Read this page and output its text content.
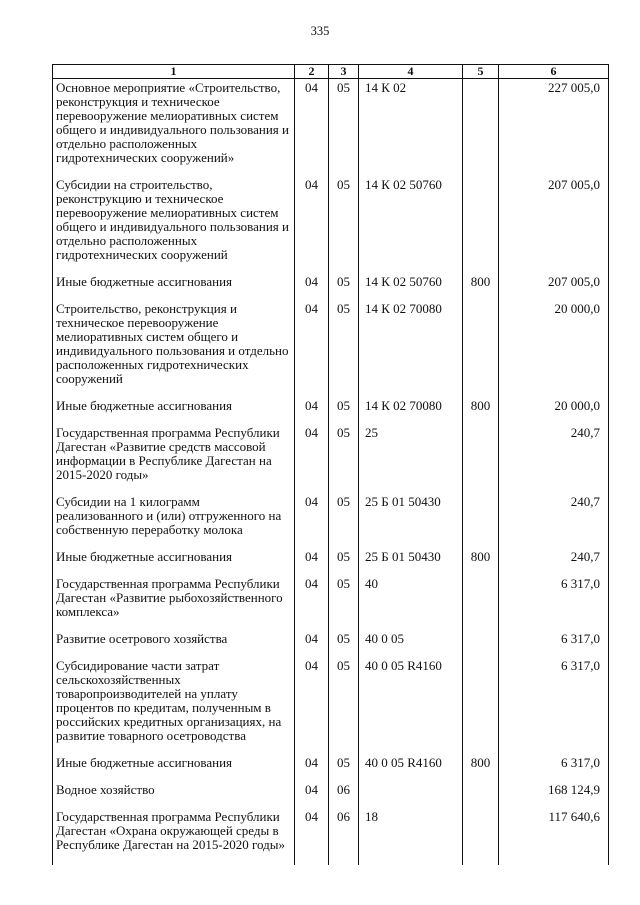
335
1	2	3	4	5	6
Основное мероприятие «Строительство, реконструкция и техническое перевооружение мелиоративных систем общего и индивидуального пользования и отдельно расположенных гидротехнических сооружений»	04	05	14 К 02		227 005,0
Субсидии на строительство, реконструкцию и техническое перевооружение мелиоративных систем общего и индивидуального пользования и отдельно расположенных гидротехнических сооружений	04	05	14 К 02 50760		207 005,0
Иные бюджетные ассигнования	04	05	14 К 02 50760	800	207 005,0
Строительство, реконструкция и техническое перевооружение мелиоративных систем общего и индивидуального пользования и отдельно расположенных гидротехнических сооружений	04	05	14 К 02 70080		20 000,0
Иные бюджетные ассигнования	04	05	14 К 02 70080	800	20 000,0
Государственная программа Республики Дагестан «Развитие средств массовой информации в Республике Дагестан на 2015-2020 годы»	04	05	25		240,7
Субсидии на 1 килограмм реализованного и (или) отгруженного на собственную переработку молока	04	05	25 Б 01 50430		240,7
Иные бюджетные ассигнования	04	05	25 Б 01 50430	800	240,7
Государственная программа Республики Дагестан «Развитие рыбохозяйственного комплекса»	04	05	40		6 317,0
Развитие осетрового хозяйства	04	05	40 0 05		6 317,0
Субсидирование части затрат сельскохозяйственных товаропроизводителей на уплату процентов по кредитам, полученным в российских кредитных организациях, на развитие товарного осетроводства	04	05	40 0 05 R4160		6 317,0
Иные бюджетные ассигнования	04	05	40 0 05 R4160	800	6 317,0
Водное хозяйство	04	06			168 124,9
Государственная программа Республики Дагестан «Охрана окружающей среды в Республике Дагестан на 2015-2020 годы»	04	06	18		117 640,6
